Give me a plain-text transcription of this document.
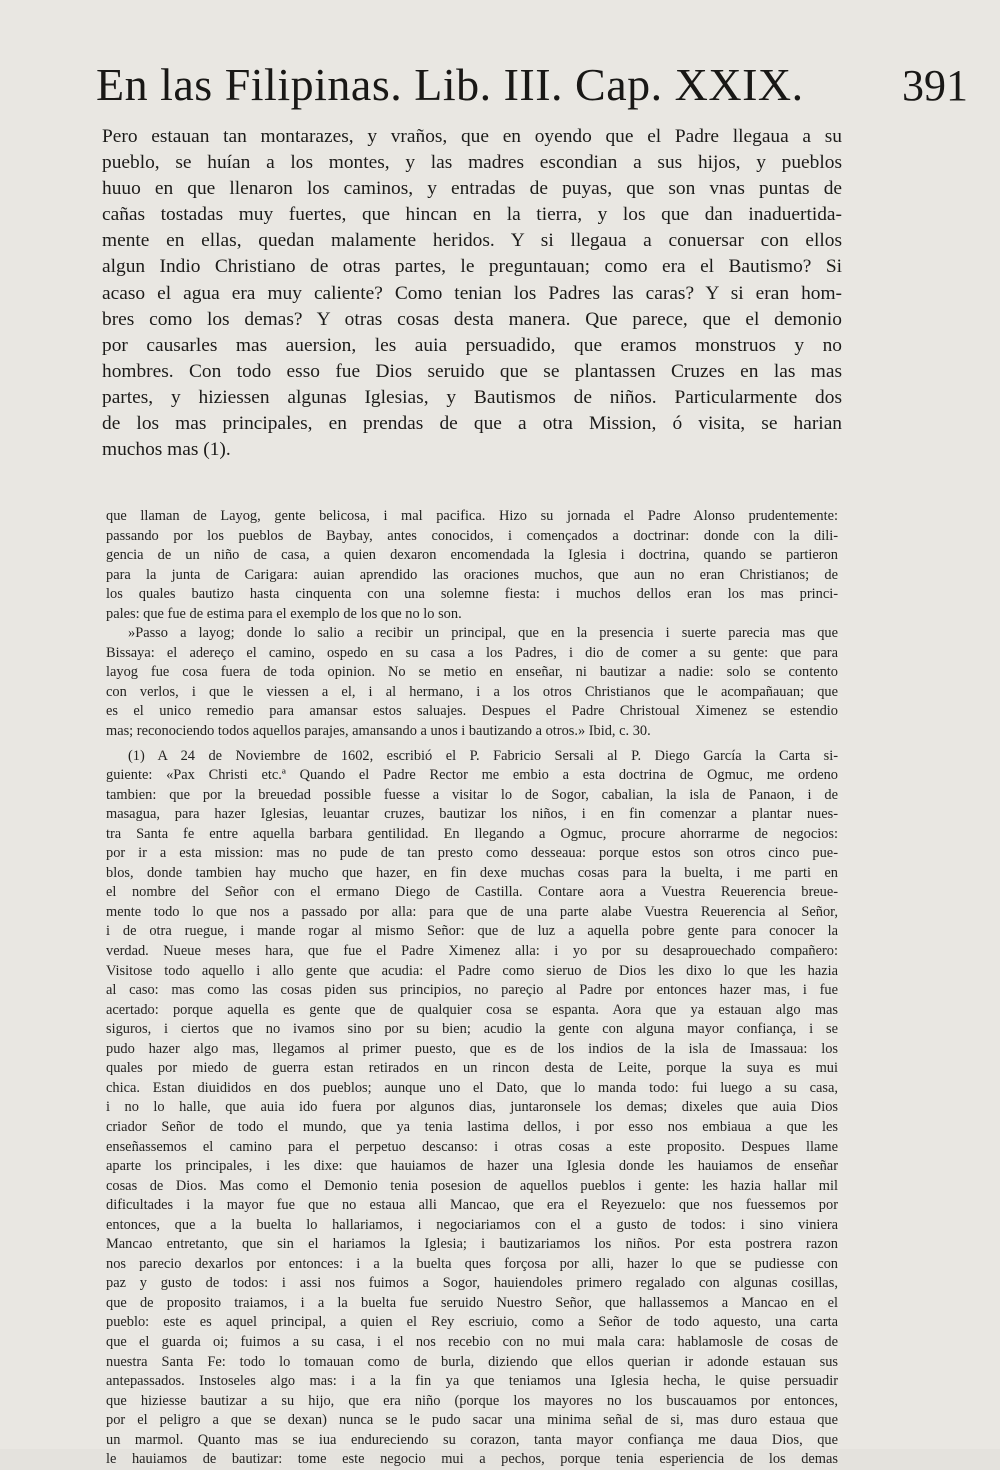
En las Filipinas. Lib. III. Cap. XXIX. 391
Pero estauan tan montarazes, y vraños, que en oyendo que el Padre llegaua a su
pueblo, se huían a los montes, y las madres escondian a sus hijos, y pueblos
huuo en que llenaron los caminos, y entradas de puyas, que son vnas puntas de
cañas tostadas muy fuertes, que hincan en la tierra, y los que dan inaduertida-
mente en ellas, quedan malamente heridos. Y si llegaua a conuersar con ellos
algun Indio Christiano de otras partes, le preguntauan; como era el Bautismo? Si
acaso el agua era muy caliente? Como tenian los Padres las caras? Y si eran hom-
bres como los demas? Y otras cosas desta manera. Que parece, que el demonio
por causarles mas auersion, les auia persuadido, que eramos monstruos y no
hombres. Con todo esso fue Dios seruido que se plantassen Cruzes en las mas
partes, y hiziessen algunas Iglesias, y Bautismos de niños. Particularmente dos
de los mas principales, en prendas de que a otra Mission, ó visita, se harian
muchos mas (1).
que llaman de Layog, gente belicosa, i mal pacifica. Hizo su jornada el Padre Alonso prudentemente:
passando por los pueblos de Baybay, antes conocidos, i començados a doctrinar: donde con la dili-
gencia de un niño de casa, a quien dexaron encomendada la Iglesia i doctrina, quando se partieron
para la junta de Carigara: auian aprendido las oraciones muchos, que aun no eran Christianos; de
los quales bautizo hasta cinquenta con una solemne fiesta: i muchos dellos eran los mas princi-
pales: que fue de estima para el exemplo de los que no lo son.
»Passo a layog; donde lo salio a recibir un principal, que en la presencia i suerte parecia mas que
Bissaya: el adereço el camino, ospedo en su casa a los Padres, i dio de comer a su gente: que para
layog fue cosa fuera de toda opinion. No se metio en enseñar, ni bautizar a nadie: solo se contento
con verlos, i que le viessen a el, i al hermano, i a los otros Christianos que le acompañauan; que
es el unico remedio para amansar estos saluajes. Despues el Padre Christoual Ximenez se estendio
mas; reconociendo todos aquellos parajes, amansando a unos i bautizando a otros.» Ibid, c. 30.
(1) A 24 de Noviembre de 1602, escribió el P. Fabricio Sersali al P. Diego García la Carta si-
guiente: «Pax Christi etc.ª Quando el Padre Rector me embio a esta doctrina de Ogmuc, me ordeno
tambien: que por la breuedad possible fuesse a visitar lo de Sogor, cabalian, la isla de Panaon, i de
masagua, para hazer Iglesias, leuantar cruzes, bautizar los niños, i en fin comenzar a plantar nues-
tra Santa fe entre aquella barbara gentilidad. En llegando a Ogmuc, procure ahorrarme de negocios:
por ir a esta mission: mas no pude de tan presto como desseaua: porque estos son otros cinco pue-
blos, donde tambien hay mucho que hazer, en fin dexe muchas cosas para la buelta, i me parti en
el nombre del Señor con el ermano Diego de Castilla. Contare aora a Vuestra Reuerencia breue-
mente todo lo que nos a passado por alla: para que de una parte alabe Vuestra Reuerencia al Señor,
i de otra ruegue, i mande rogar al mismo Señor: que de luz a aquella pobre gente para conocer la
verdad. Nueue meses hara, que fue el Padre Ximenez alla: i yo por su desaprouechado compañero:
Visitose todo aquello i allo gente que acudia: el Padre como sieruo de Dios les dixo lo que les hazia
al caso: mas como las cosas piden sus principios, no pareçio al Padre por entonces hazer mas, i fue
acertado: porque aquella es gente que de qualquier cosa se espanta. Aora que ya estauan algo mas
siguros, i ciertos que no ivamos sino por su bien; acudio la gente con alguna mayor confiança, i se
pudo hazer algo mas, llegamos al primer puesto, que es de los indios de la isla de Imassaua: los
quales por miedo de guerra estan retirados en un rincon desta de Leite, porque la suya es mui
chica. Estan diuididos en dos pueblos; aunque uno el Dato, que lo manda todo: fui luego a su casa,
i no lo halle, que auia ido fuera por algunos dias, juntaronsele los demas; dixeles que auia Dios
criador Señor de todo el mundo, que ya tenia lastima dellos, i por esso nos embiaua a que les
enseñassemos el camino para el perpetuo descanso: i otras cosas a este proposito. Despues llame
aparte los principales, i les dixe: que hauiamos de hazer una Iglesia donde les hauiamos de enseñar
cosas de Dios. Mas como el Demonio tenia posesion de aquellos pueblos i gente: les hazia hallar mil
dificultades i la mayor fue que no estaua alli Mancao, que era el Reyezuelo: que nos fuessemos por
entonces, que a la buelta lo hallariamos, i negociariamos con el a gusto de todos: i sino viniera
Mancao entretanto, que sin el hariamos la Iglesia; i bautizariamos los niños. Por esta postrera razon
nos parecio dexarlos por entonces: i a la buelta ques forçosa por alli, hazer lo que se pudiesse con
paz y gusto de todos: i assi nos fuimos a Sogor, hauiendoles primero regalado con algunas cosillas,
que de proposito traiamos, i a la buelta fue seruido Nuestro Señor, que hallassemos a Mancao en el
pueblo: este es aquel principal, a quien el Rey escriuio, como a Señor de todo aquesto, una carta
que el guarda oi; fuimos a su casa, i el nos recebio con no mui mala cara: hablamosle de cosas de
nuestra Santa Fe: todo lo tomauan como de burla, diziendo que ellos querian ir adonde estauan sus
antepassados. Instoseles algo mas: i a la fin ya que teniamos una Iglesia hecha, le quise persuadir
que hiziesse bautizar a su hijo, que era niño (porque los mayores no los buscauamos por entonces,
por el peligro a que se dexan) nunca se le pudo sacar una minima señal de si, mas duro estaua que
un marmol. Quanto mas se iua endureciendo su corazon, tanta mayor confiança me daua Dios, que
le hauiamos de bautizar: tome este negocio mui a pechos, porque tenia esperiencia de los demas
